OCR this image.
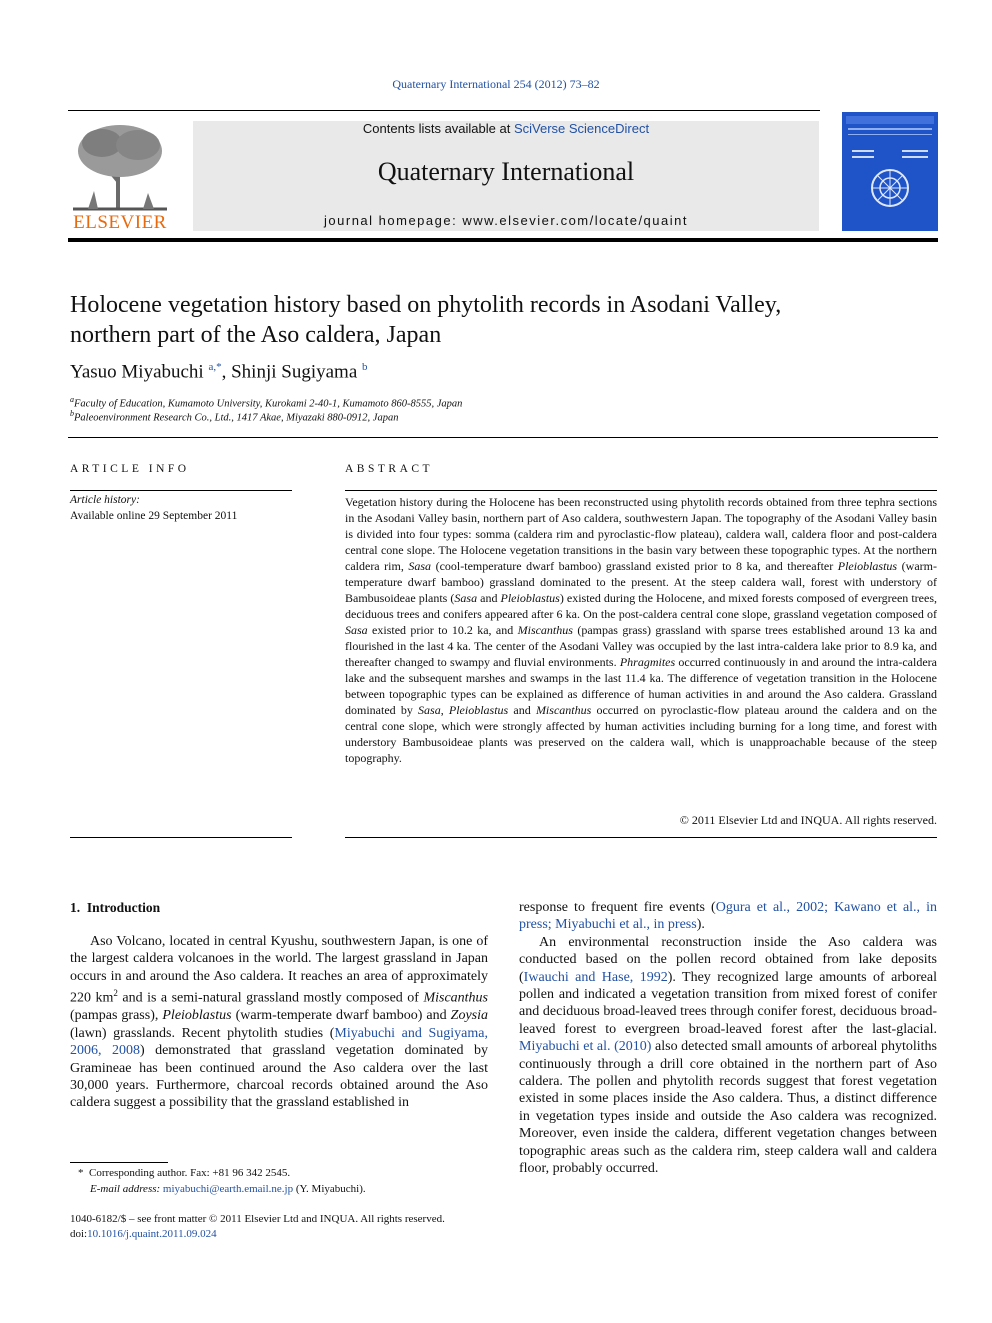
Quaternary International 254 (2012) 73–82
ELSEVIER
Contents lists available at SciVerse ScienceDirect
Quaternary International
journal homepage: www.elsevier.com/locate/quaint
Holocene vegetation history based on phytolith records in Asodani Valley,
northern part of the Aso caldera, Japan
Yasuo Miyabuchi $^{a,*}$, Shinji Sugiyama $^b$
$^a$Faculty of Education, Kumamoto University, Kurokami 2-40-1, Kumamoto 860-8555, Japan
$^b$Paleoenvironment Research Co., Ltd., 1417 Akae, Miyazaki 880-0912, Japan
ARTICLE INFO
Article history:
Available online 29 September 2011
ABSTRACT
Vegetation history during the Holocene has been reconstructed using phytolith records obtained from three tephra sections in the Asodani Valley basin, northern part of Aso caldera, southwestern Japan. The topography of the Asodani Valley basin is divided into four types: somma (caldera rim and pyroclastic-flow plateau), caldera wall, caldera floor and post-caldera central cone slope. The Holocene vegetation transitions in the basin vary between these topographic types. At the northern caldera rim, Sasa (cool-temperature dwarf bamboo) grassland existed prior to 8 ka, and thereafter Pleioblastus (warm-temperature dwarf bamboo) grassland dominated to the present. At the steep caldera wall, forest with understory of Bambusoideae plants (Sasa and Pleioblastus) existed during the Holocene, and mixed forests composed of evergreen trees, deciduous trees and conifers appeared after 6 ka. On the post-caldera central cone slope, grassland vegetation composed of Sasa existed prior to 10.2 ka, and Miscanthus (pampas grass) grassland with sparse trees established around 13 ka and flourished in the last 4 ka. The center of the Asodani Valley was occupied by the last intra-caldera lake prior to 8.9 ka, and thereafter changed to swampy and fluvial environments. Phragmites occurred continuously in and around the intra-caldera lake and the subsequent marshes and swamps in the last 11.4 ka. The difference of vegetation transition in the Holocene between topographic types can be explained as difference of human activities in and around the Aso caldera. Grassland dominated by Sasa, Pleioblastus and Miscanthus occurred on pyroclastic-flow plateau around the caldera and on the central cone slope, which were strongly affected by human activities including burning for a long time, and forest with understory Bambusoideae plants was preserved on the caldera wall, which is unapproachable because of the steep topography.
© 2011 Elsevier Ltd and INQUA. All rights reserved.
1. Introduction

Aso Volcano, located in central Kyushu, southwestern Japan, is one of the largest caldera volcanoes in the world. The largest grassland in Japan occurs in and around the Aso caldera. It reaches an area of approximately 220 $km^2$ and is a semi-natural grassland mostly composed of Miscanthus (pampas grass), Pleioblastus (warm-temperate dwarf bamboo) and Zoysia (lawn) grasslands. Recent phytolith studies (Miyabuchi and Sugiyama, 2006, 2008) demonstrated that grassland vegetation dominated by Gramineae has been continued around the Aso caldera over the last 30,000 years. Furthermore, charcoal records obtained around the Aso caldera suggest a possibility that the grassland established in

response to frequent fire events (Ogura et al., 2002; Kawano et al., in press; Miyabuchi et al., in press).

An environmental reconstruction inside the Aso caldera was conducted based on the pollen record obtained from lake deposits (Iwauchi and Hase, 1992). They recognized large amounts of arboreal pollen and indicated a vegetation transition from mixed forest of conifer and deciduous broad-leaved trees through conifer forest, deciduous broad-leaved forest to evergreen broad-leaved forest after the last-glacial. Miyabuchi et al. (2010) also detected small amounts of arboreal phytoliths continuously through a drill core obtained in the northern part of Aso caldera. The pollen and phytolith records suggest that forest vegetation existed in some places inside the Aso caldera. Thus, a distinct difference in vegetation types inside and outside the Aso caldera was recognized. Moreover, even inside the caldera, different vegetation changes between topographic areas such as the caldera rim, steep caldera wall and caldera floor, probably occurred.

* Corresponding author. Fax: +81 96 342 2545.
E-mail address: miyabuchi@earth.email.ne.jp (Y. Miyabuchi).
1040-6182/$ – see front matter © 2011 Elsevier Ltd and INQUA. All rights reserved.
doi:10.1016/j.quaint.2011.09.024
